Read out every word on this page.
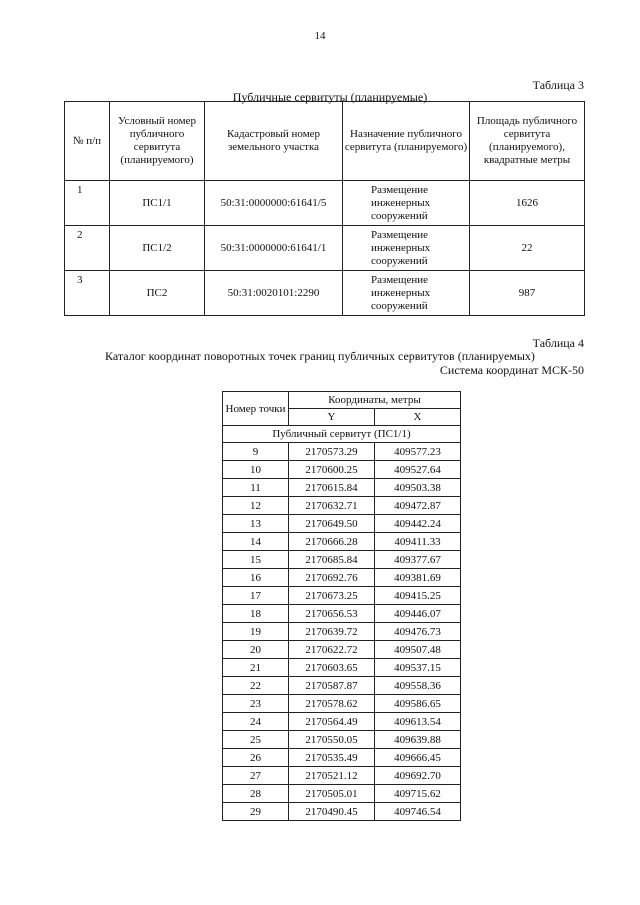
14
Таблица 3
Публичные сервитуты (планируемые)
№ п/п	Условный номер публичного сервитута (планируемого)	Кадастровый номер земельного участка	Назначение публичного сервитута (планируемого)	Площадь публичного сервитута (планируемого), квадратные метры
1	ПС1/1	50:31:0000000:61641/5	Размещение инженерных сооружений	1626
2	ПС1/2	50:31:0000000:61641/1	Размещение инженерных сооружений	22
3	ПС2	50:31:0020101:2290	Размещение инженерных сооружений	987
Таблица 4
Каталог координат поворотных точек границ публичных сервитутов (планируемых)
Система координат МСК-50
Номер точки	Координаты, метры	
	Y	X
Публичный сервитут (ПС1/1)		
9	2170573.29	409577.23
10	2170600.25	409527.64
11	2170615.84	409503.38
12	2170632.71	409472.87
13	2170649.50	409442.24
14	2170666.28	409411.33
15	2170685.84	409377.67
16	2170692.76	409381.69
17	2170673.25	409415.25
18	2170656.53	409446.07
19	2170639.72	409476.73
20	2170622.72	409507.48
21	2170603.65	409537.15
22	2170587.87	409558.36
23	2170578.62	409586.65
24	2170564.49	409613.54
25	2170550.05	409639.88
26	2170535.49	409666.45
27	2170521.12	409692.70
28	2170505.01	409715.62
29	2170490.45	409746.54
